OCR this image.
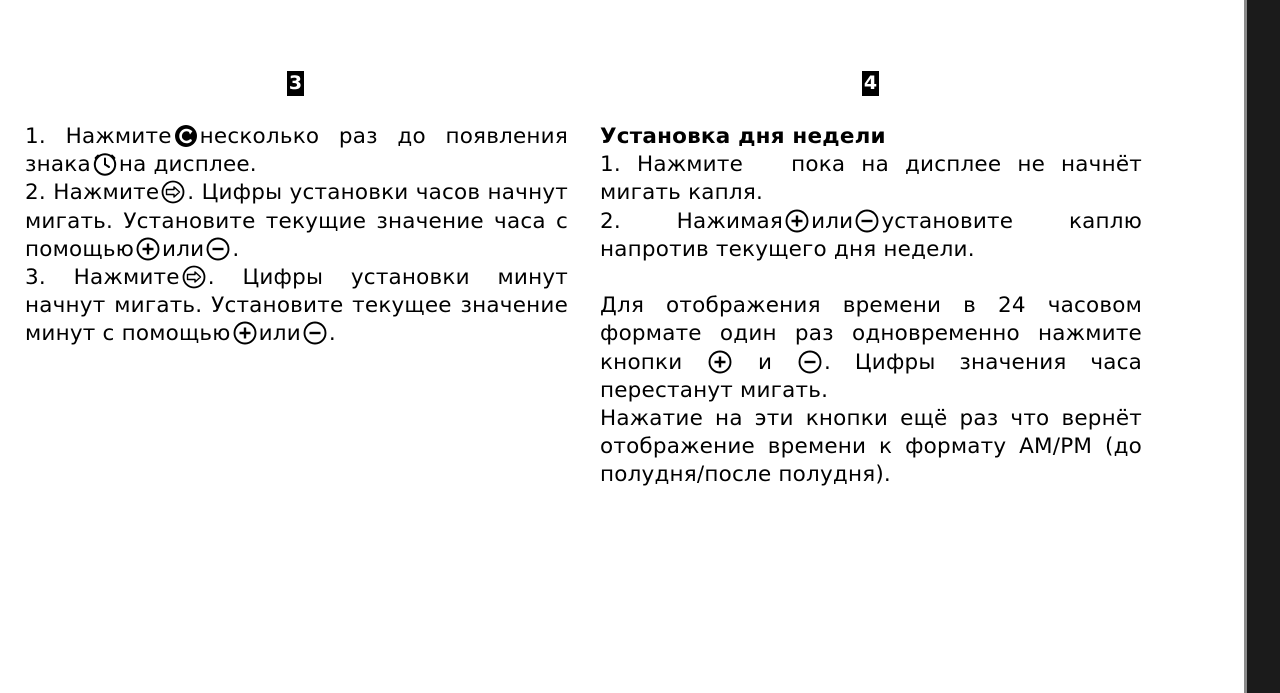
3

1. Нажмите несколько раз до появления знака на дисплее.

2. Нажмите . Цифры установки часов начнут мигать. Установите текущие значение часа с помощью или .

3. Нажмите . Цифры установки минут начнут мигать. Установите текущее значение минут с помощью или .

4

Установка дня недели

1. Нажмите   пока на дисплее не начнёт мигать капля.

2. Нажимая или установите каплю напротив текущего дня недели.

Для отображения времени в 24 часовом формате один раз одновременно нажмите кнопки	и . Цифры значения часа перестанут мигать.

Нажатие на эти кнопки ещё раз что вернёт отображение времени к формату AM/PM (до полудня/после полудня).
